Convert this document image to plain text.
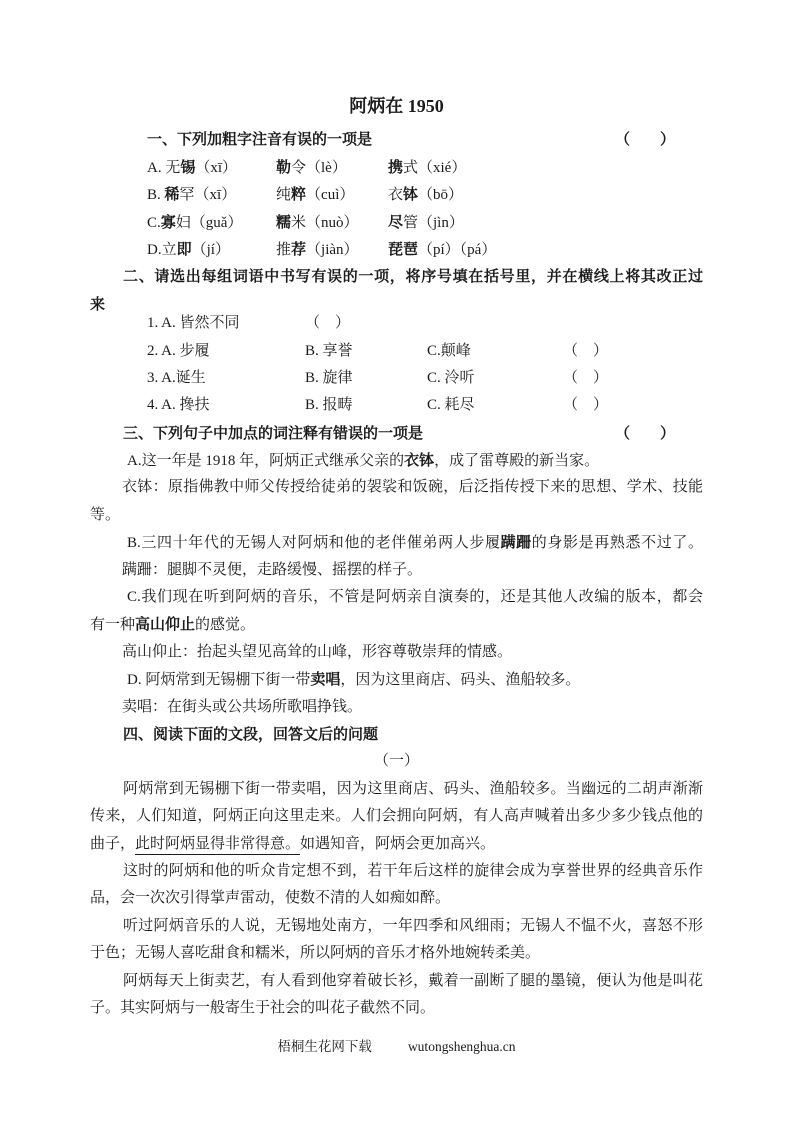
阿炳在 1950
一、下列加粗字注音有误的一项是	（　　）
A. 无锡（xī）	勒令（lè）	携式（xié）
B. 稀罕（xī）	纯粹（cuì）	衣钵（bō）
C.寡妇（guǎ）	糯米（nuò）	尽管（jìn）
D.立即（jí）	推荐（jiàn）	琵琶（pí）（pá）
二、请选出每组词语中书写有误的一项，将序号填在括号里，并在横线上将其改正过
来
1. A. 皆然不同	（　）
2. A. 步履	B. 享誉	C.颠峰	（　）
3. A.诞生	B. 旋律	C. 泠听	（　）
4. A. 搀扶	B. 报畴	C. 耗尽	（　）
三、下列句子中加点的词注释有错误的一项是	（　　）
A.这一年是 1918 年，阿炳正式继承父亲的衣钵，成了雷尊殿的新当家。
衣钵：原指佛教中师父传授给徒弟的袈裟和饭碗，后泛指传授下来的思想、学术、技能
等。
B.三四十年代的无锡人对阿炳和他的老伴催弟两人步履蹒跚的身影是再熟悉不过了。
蹒跚：腿脚不灵便，走路缓慢、摇摆的样子。
C.我们现在听到阿炳的音乐，不管是阿炳亲自演奏的，还是其他人改编的版本，都会
有一种高山仰止的感觉。
高山仰止：抬起头望见高耸的山峰，形容尊敬崇拜的情感。
D. 阿炳常到无锡棚下街一带卖唱，因为这里商店、码头、渔船较多。
卖唱：在街头或公共场所歌唱挣钱。
四、阅读下面的文段，回答文后的问题
（一）
阿炳常到无锡棚下街一带卖唱，因为这里商店、码头、渔船较多。当幽远的二胡声渐渐
传来，人们知道，阿炳正向这里走来。人们会拥向阿炳，有人高声喊着出多少多少钱点他的
曲子，此时阿炳显得非常得意。如遇知音，阿炳会更加高兴。
这时的阿炳和他的听众肯定想不到，若干年后这样的旋律会成为享誉世界的经典音乐作
品，会一次次引得掌声雷动，使数不清的人如痴如醉。
听过阿炳音乐的人说，无锡地处南方，一年四季和风细雨；无锡人不愠不火，喜怒不形
于色；无锡人喜吃甜食和糯米，所以阿炳的音乐才格外地婉转柔美。
阿炳每天上街卖艺，有人看到他穿着破长衫，戴着一副断了腿的墨镜，便认为他是叫花
子。其实阿炳与一般寄生于社会的叫花子截然不同。
梧桐生花网下载	wutongshenghua.cn
